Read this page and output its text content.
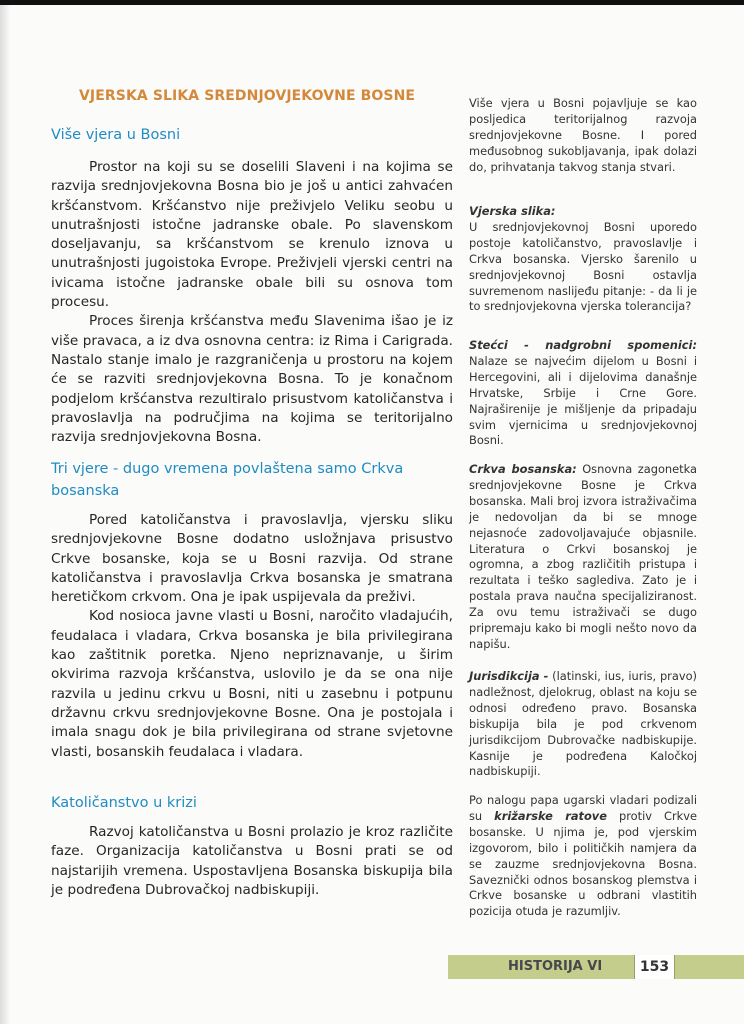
VJERSKA SLIKA SREDNJOVJEKOVNE BOSNE
Više vjera u Bosni

Prostor na koji su se doselili Slaveni i na kojima se razvija srednjovjekovna Bosna bio je još u antici zahvaćen kršćanstvom. Kršćanstvo nije preživjelo Veliku seobu u unutrašnjosti istočne jadranske obale. Po slavenskom doseljavanju, sa kršćanstvom se krenulo iznova u unutrašnjosti jugoistoka Evrope. Preživjeli vjerski centri na ivicama istočne jadranske obale bili su osnova tom procesu.

Proces širenja kršćanstva među Slavenima išao je iz više pravaca, a iz dva osnovna centra: iz Rima i Carigrada. Nastalo stanje imalo je razgraničenja u prostoru na kojem će se razviti srednjovjekovna Bosna. To je konačnom podjelom kršćanstva rezultiralo prisustvom katoličanstva i pravoslavlja na područjima na kojima se teritorijalno razvija srednjovjekovna Bosna.

Tri vjere - dugo vremena povlaštena samo Crkva
bosanska

Pored katoličanstva i pravoslavlja, vjersku sliku srednjovjekovne Bosne dodatno usložnjava prisustvo Crkve bosanske, koja se u Bosni razvija. Od strane katoličanstva i pravoslavlja Crkva bosanska je smatrana heretičkom crkvom. Ona je ipak uspijevala da preživi.

Kod nosioca javne vlasti u Bosni, naročito vladajućih, feudalaca i vladara, Crkva bosanska je bila privilegirana kao zaštitnik poretka. Njeno nepriznavanje, u širim okvirima razvoja kršćanstva, uslovilo je da se ona nije razvila u jedinu crkvu u Bosni, niti u zasebnu i potpunu državnu crkvu srednjovjekovne Bosne. Ona je postojala i imala snagu dok je bila privilegirana od strane svjetovne vlasti, bosanskih feudalaca i vladara.

Katoličanstvo u krizi

Razvoj katoličanstva u Bosni prolazio je kroz različite faze. Organizacija katoličanstva u Bosni prati se od najstarijih vremena. Uspostavljena Bosanska biskupija bila je podređena Dubrovačkoj nadbiskupiji.

Više vjera u Bosni pojavljuje se kao posljedica teritorijalnog razvoja srednjovjekovne Bosne. I pored međusobnog sukobljavanja, ipak dolazi do, prihvatanja takvog stanja stvari.

Vjerska slika:
U srednjovjekovnoj Bosni uporedo postoje katoličanstvo, pravoslavlje i Crkva bosanska. Vjersko šarenilo u srednjovjekovnoj Bosni ostavlja suvremenom naslijeđu pitanje: - da li je to srednjovjekovna vjerska tolerancija?

Stećci - nadgrobni spomenici: Nalaze se najvećim dijelom u Bosni i Hercegovini, ali i dijelovima današnje Hrvatske, Srbije i Crne Gore. Najraširenije je mišljenje da pripadaju svim vjernicima u srednjovjekovnoj Bosni.

Crkva bosanska: Osnovna zagonetka srednjovjekovne Bosne je Crkva bosanska. Mali broj izvora istraživačima je nedovoljan da bi se mnoge nejasnoće zadovoljavajuće objasnile. Literatura o Crkvi bosanskoj je ogromna, a zbog različitih pristupa i rezultata i teško saglediva. Zato je i postala prava naučna specijaliziranost. Za ovu temu istraživači se dugo pripremaju kako bi mogli nešto novo da napišu.

Jurisdikcija - (latinski, ius, iuris, pravo) nadležnost, djelokrug, oblast na koju se odnosi određeno pravo. Bosanska biskupija bila je pod crkvenom jurisdikcijom Dubrovačke nadbiskupije. Kasnije je podređena Kaločkoj nadbiskupiji.

Po nalogu papa ugarski vladari podizali su križarske ratove protiv Crkve bosanske. U njima je, pod vjerskim izgovorom, bilo i političkih namjera da se zauzme srednjovjekovna Bosna. Saveznički odnos bosanskog plemstva i Crkve bosanske u odbrani vlastitih pozicija otuda je razumljiv.

HISTORIJA VI	153
